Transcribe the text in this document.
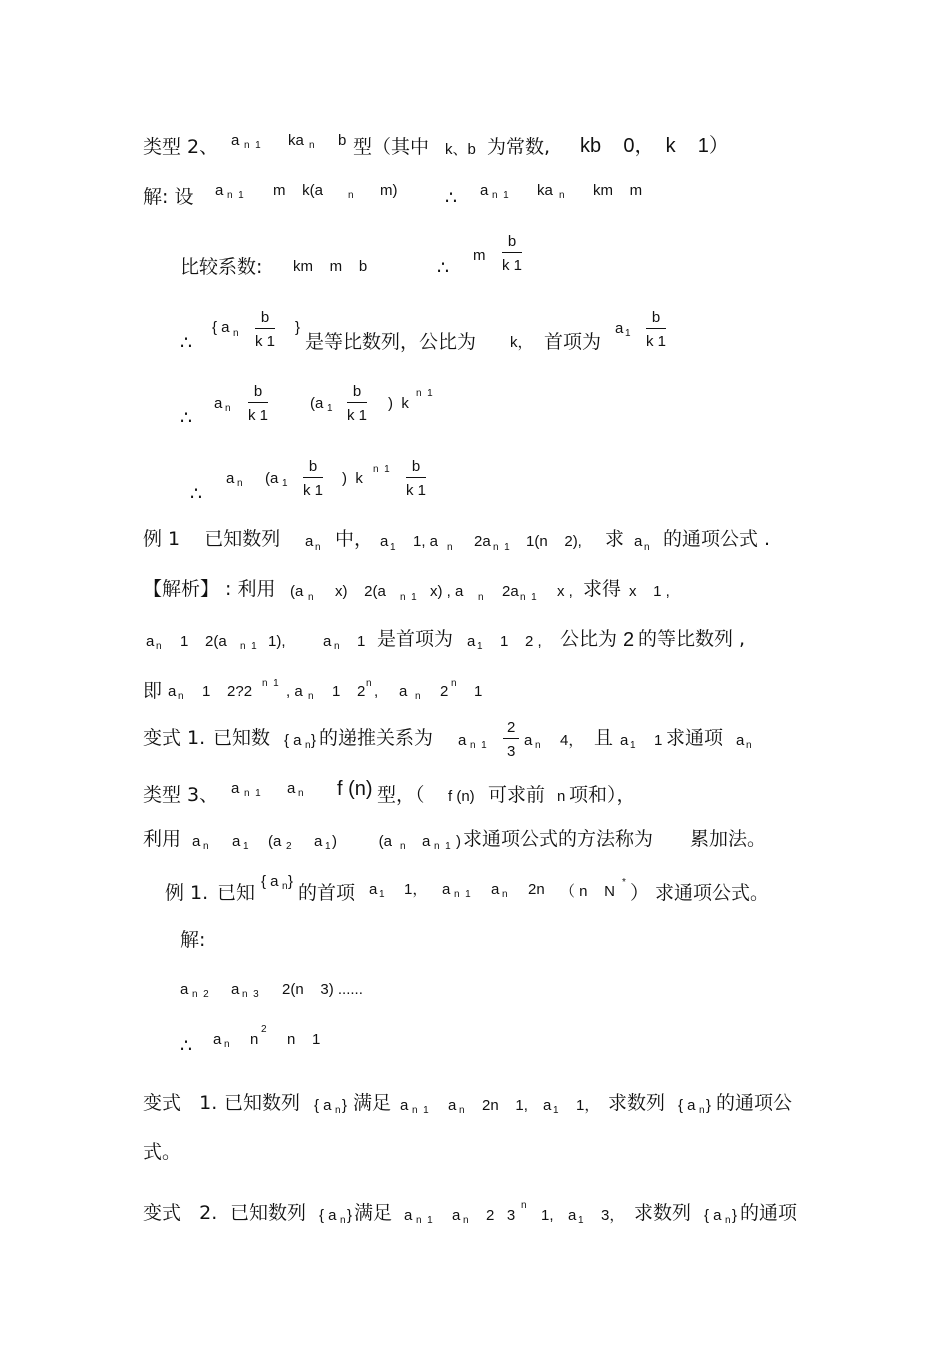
类型 2、 a n  1 ka n b 型（其中 k、b 为常数, kb    0，  k    1）
解: 设 a n  1 m    k(a n m)	∴ a n  1 ka n km    m
比较系数: km    m    b	∴
m $\frac{b}{k 1}$
∴
{ a n $\frac{b}{k 1}$ }
是等比数列，公比为 k， 首项为
a $1 \frac{b}{k 1}$
∴
a n $\frac{b}{k 1}$	(a $1 \frac{b}{k 1}$ )  k
n  1
∴
a n (a $1 \frac{b}{k 1}$ )  k
n  $1 \frac{b}{k 1}$
例 1    已知数列 a n 中， a 1 1, a n 2a n  1 1(n    2), 求 a n 的通项公式 .
【解析】 : 利用 (a n x)    2(a n  1 x) , a n 2a n  1 x , 求得 x    1 ,
a n 1    2(a n  1 1), a n 1 是首项为 a 1 1    2 , 公比为 2 的等比数列 ,
即 a n 1    2?2 n  1 , a n 1    2 n ,     a n 2 n 1
变式 1. 已知数 { a n } 的递推关系为 a n  $1 \frac{2}{3}$ a n 4， 且 a 1 1 求通项 a n
类型 3、 a n  1 a n f (n) 型，（ f (n) 可求前 n 项和），
利用 a n a 1 (a 2 a 1 )          (a n a n  1 ) 求通项公式的方法称为 累加法。
例 1. 已知
{ a n }
的首项 a 1 1， a n  1 a n 2n （ n    N
* ） 求通项公式。
解:
a n  2 a n  3 2(n    3) ......
∴ a n n
2
n    1
变式   1. 已知数列 { a n } 满足 a n  1 a n 2n    1, a 1 1， 求数列 { a n } 的通项公
式。
变式   2. 已知数列 { a n } 满足 a n  1 a n 2   3
n
1, a 1 3， 求数列 { a n } 的通项
